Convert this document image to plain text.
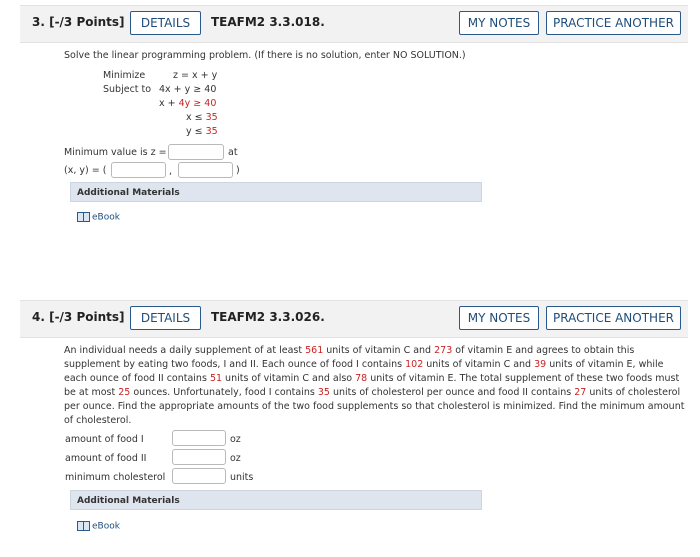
3. [-/3 Points]	DETAILS	TEAFM2 3.3.018.	MY NOTES	PRACTICE ANOTHER
Solve the linear programming problem. (If there is no solution, enter NO SOLUTION.)
Minimize	z = x + y
Subject to 4x + y ≥ 40
x + 4y ≥ 40
x ≤ 35
y ≤ 35
Minimum value is z =	at
(x, y) = (	,	)
Additional Materials
eBook
4. [-/3 Points]	DETAILS	TEAFM2 3.3.026.	MY NOTES	PRACTICE ANOTHER
An individual needs a daily supplement of at least 561 units of vitamin C and 273 of vitamin E and agrees to obtain this
supplement by eating two foods, I and II. Each ounce of food I contains 102 units of vitamin C and 39 units of vitamin E, while
each ounce of food II contains 51 units of vitamin C and also 78 units of vitamin E. The total supplement of these two foods must
be at most 25 ounces. Unfortunately, food I contains 35 units of cholesterol per ounce and food II contains 27 units of cholesterol
per ounce. Find the appropriate amounts of the two food supplements so that cholesterol is minimized. Find the minimum amount
of cholesterol.
amount of food I	oz
amount of food II	oz
minimum cholesterol	units
Additional Materials
eBook
